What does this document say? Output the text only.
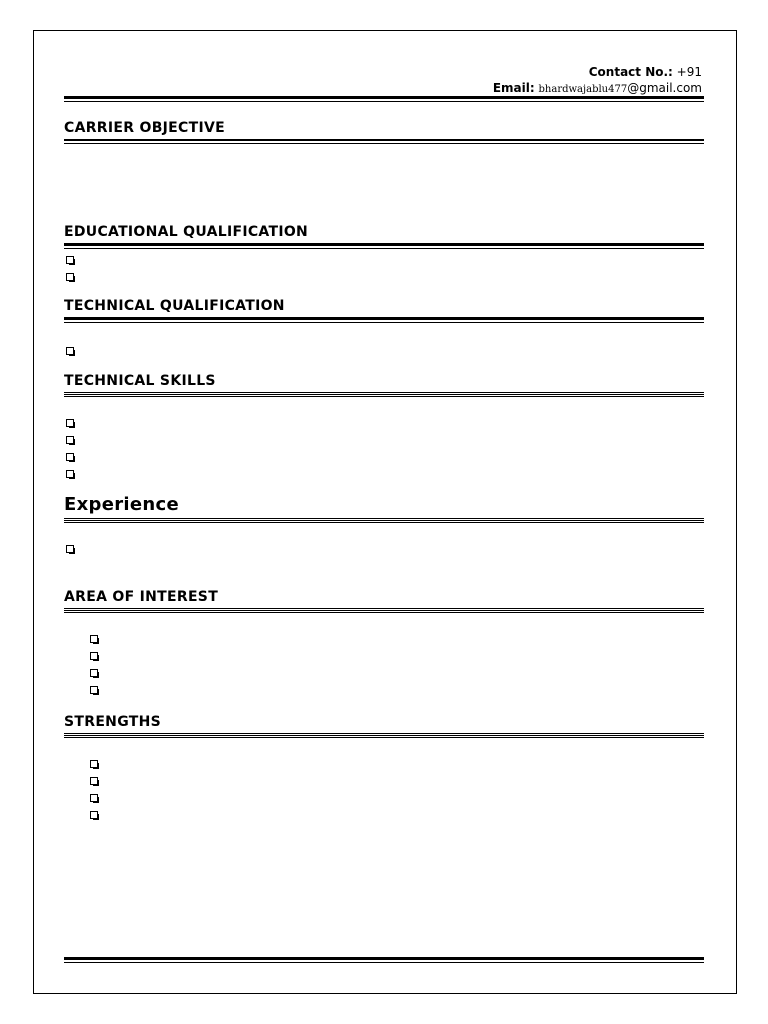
Contact No.: +91
Email: bhardwajablu477@gmail.com
CARRIER OBJECTIVE
EDUCATIONAL QUALIFICATION
TECHNICAL QUALIFICATION
TECHNICAL SKILLS
Experience
AREA OF INTEREST
STRENGTHS
